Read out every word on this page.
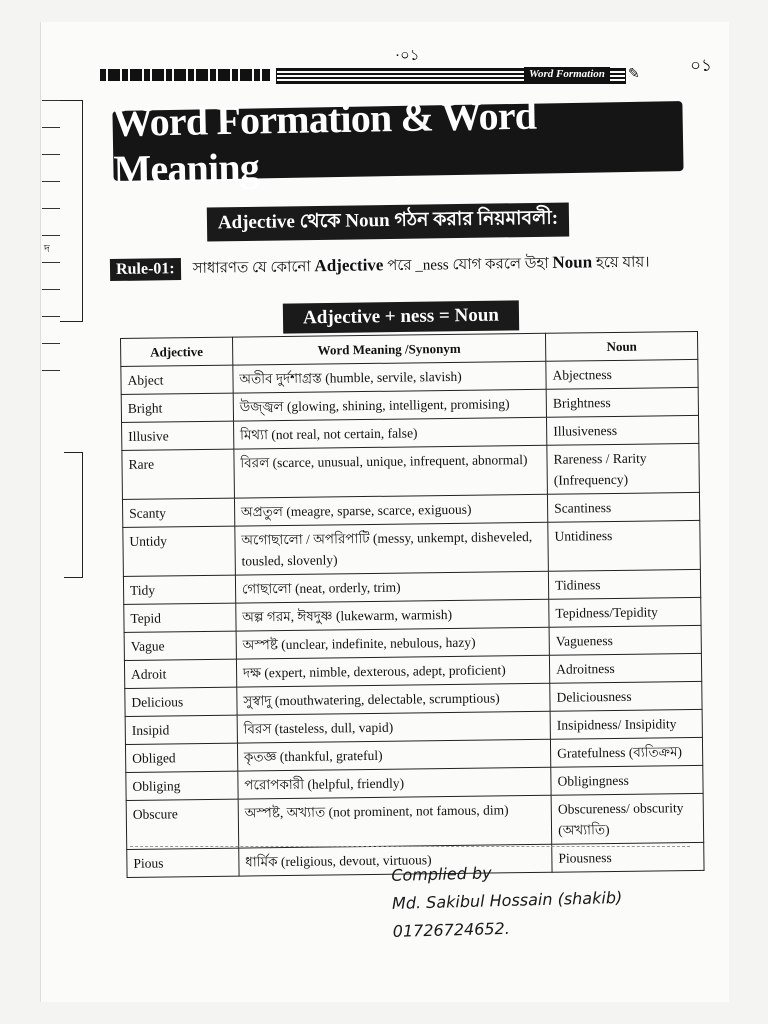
দ
·০১
Word Formation	✎	০১
Word Formation & Word Meaning
Adjective থেকে Noun গঠন করার নিয়মাবলী:
Rule-01:	সাধারণত যে কোনো Adjective পরে _ness যোগ করলে উহা Noun হয়ে যায়।
Adjective + ness = Noun
Adjective	Word Meaning /Synonym	Noun
Abject	অতীব দুর্দশাগ্রস্ত (humble, servile, slavish)	Abjectness
Bright	উজ্জ্বল (glowing, shining, intelligent, promising)	Brightness
Illusive	মিথ্যা (not real, not certain, false)	Illusiveness
Rare	বিরল (scarce, unusual, unique, infrequent, abnormal)	Rareness / Rarity (Infrequency)
Scanty	অপ্রতুল (meagre, sparse, scarce, exiguous)	Scantiness
Untidy	অগোছালো / অপরিপাটি (messy, unkempt, disheveled, tousled, slovenly)	Untidiness
Tidy	গোছালো (neat, orderly, trim)	Tidiness
Tepid	অল্প গরম, ঈষদুষ্ণ (lukewarm, warmish)	Tepidness/Tepidity
Vague	অস্পষ্ট (unclear, indefinite, nebulous, hazy)	Vagueness
Adroit	দক্ষ (expert, nimble, dexterous, adept, proficient)	Adroitness
Delicious	সুস্বাদু (mouthwatering, delectable, scrumptious)	Deliciousness
Insipid	বিরস (tasteless, dull, vapid)	Insipidness/ Insipidity
Obliged	কৃতজ্ঞ (thankful, grateful)	Gratefulness (ব্যতিক্রম)
Obliging	পরোপকারী (helpful, friendly)	Obligingness
Obscure	অস্পষ্ট, অখ্যাত (not prominent, not famous, dim)	Obscureness/ obscurity (অখ্যাতি)
Pious	ধার্মিক (religious, devout, virtuous)	Piousness
Complied by
Md. Sakibul Hossain (shakib)
01726724652.
